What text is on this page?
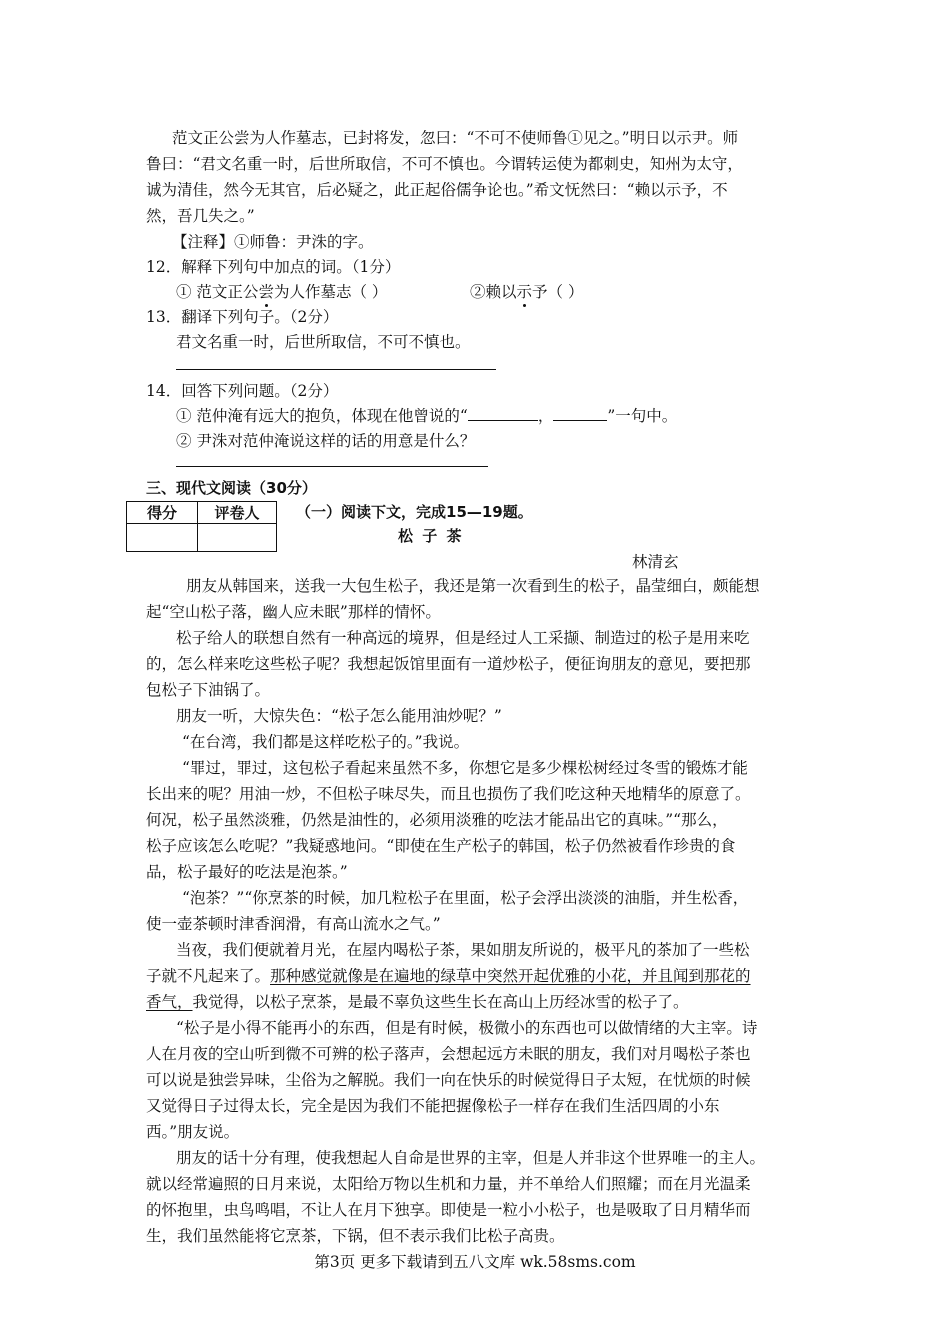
范文正公尝为人作墓志，已封将发，忽曰：“不可不使师鲁①见之。”明日以示尹。师
鲁曰：“君文名重一时，后世所取信，不可不慎也。今谓转运使为都刺史，知州为太守，
诚为清佳，然今无其官，后必疑之，此正起俗儒争论也。”希文怃然曰：“赖以示予，不
然，吾几失之。”
【注释】①师鲁：尹洙的字。
12．解释下列句中加点的词。（1分）
① 范文正公尝为人作墓志（ ）	②赖以示予（ ）
13．翻译下列句子。（2分）
君文名重一时，后世所取信，不可不慎也。
14．回答下列问题。（2分）
① 范仲淹有远大的抱负，体现在他曾说的“	，	”一句中。
② 尹洙对范仲淹说这样的话的用意是什么？
三、现代文阅读（30分）
得分	评卷人
	（一）阅读下文，完成15—19题。
松 子 茶
林清玄
朋友从韩国来，送我一大包生松子，我还是第一次看到生的松子，晶莹细白，颇能想
起“空山松子落，幽人应未眠”那样的情怀。
松子给人的联想自然有一种高远的境界，但是经过人工采撷、制造过的松子是用来吃
的，怎么样来吃这些松子呢？我想起饭馆里面有一道炒松子，便征询朋友的意见，要把那
包松子下油锅了。
朋友一听，大惊失色：“松子怎么能用油炒呢？”
“在台湾，我们都是这样吃松子的。”我说。
“罪过，罪过，这包松子看起来虽然不多，你想它是多少棵松树经过冬雪的锻炼才能
长出来的呢？用油一炒，不但松子味尽失，而且也损伤了我们吃这种天地精华的原意了。
何况，松子虽然淡雅，仍然是油性的，必须用淡雅的吃法才能品出它的真味。”“那么，
松子应该怎么吃呢？”我疑惑地问。“即使在生产松子的韩国，松子仍然被看作珍贵的食
品，松子最好的吃法是泡茶。”
“泡茶？”“你烹茶的时候，加几粒松子在里面，松子会浮出淡淡的油脂，并生松香，
使一壶茶顿时津香润滑，有高山流水之气。”
当夜，我们便就着月光，在屋内喝松子茶，果如朋友所说的，极平凡的茶加了一些松
子就不凡起来了。那种感觉就像是在遍地的绿草中突然开起优雅的小花，并且闻到那花的
香气，我觉得，以松子烹茶，是最不辜负这些生长在高山上历经冰雪的松子了。
“松子是小得不能再小的东西，但是有时候，极微小的东西也可以做情绪的大主宰。诗
人在月夜的空山听到微不可辨的松子落声，会想起远方未眠的朋友，我们对月喝松子茶也
可以说是独尝异味，尘俗为之解脱。我们一向在快乐的时候觉得日子太短，在忧烦的时候
又觉得日子过得太长，完全是因为我们不能把握像松子一样存在我们生活四周的小东
西。”朋友说。
朋友的话十分有理，使我想起人自命是世界的主宰，但是人并非这个世界唯一的主人。
就以经常遍照的日月来说，太阳给万物以生机和力量，并不单给人们照耀；而在月光温柔
的怀抱里，虫鸟鸣唱，不让人在月下独享。即使是一粒小小松子，也是吸取了日月精华而
生，我们虽然能将它烹茶，下锅，但不表示我们比松子高贵。
第3页 更多下载请到五八文库 wk.58sms.com
